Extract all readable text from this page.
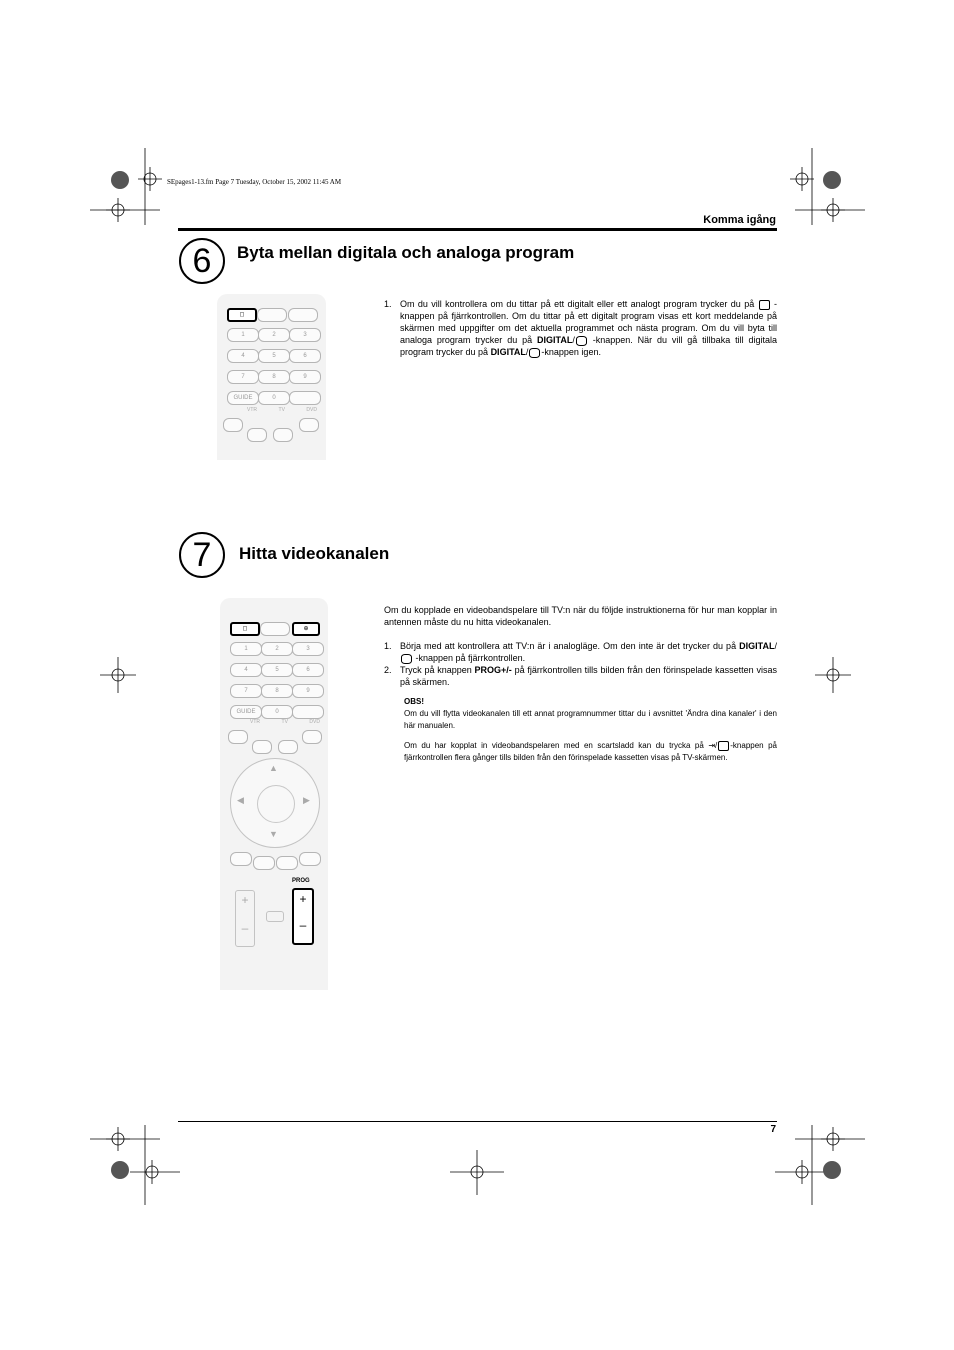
SEpages1-13.fm Page 7 Tuesday, October 15, 2002 11:45 AM
Komma igång
6	Byta mellan digitala och analoga program
◻
1	2	3
4	5	6
7	8	9
GUIDE	0
VTR	TV	DVD

1. Om du vill kontrollera om du tittar på ett digitalt eller ett analogt program trycker du på -knappen på fjärrkontrollen. Om du tittar på ett digitalt program visas ett kort meddelande på skärmen med uppgifter om det aktuella programmet och nästa program. Om du vill byta till analoga program trycker du på DIGITAL/ -knappen. När du vill gå tillbaka till digitala program trycker du på DIGITAL/ -knappen igen.

7	Hitta videokanalen
◻	⊕
1	2	3
4	5	6
7	8	9
GUIDE	0
VTR	TV	DVD
▲
▼
◀	▶
+
–
PROG
+
–

Om du kopplade en videobandspelare till TV:n när du följde instruktionerna för hur man kopplar in antennen måste du nu hitta videokanalen.

1. Börja med att kontrollera att TV:n är i analogläge. Om den inte är det trycker du på DIGITAL/ -knappen på fjärrkontrollen.

2. Tryck på knappen PROG+/- på fjärrkontrollen tills bilden från den förinspelade kassetten visas på skärmen.

OBS!

Om du vill flytta videokanalen till ett annat programnummer tittar du i avsnittet 'Ändra dina kanaler' i den här manualen.

Om du har kopplat in videobandspelaren med en scartsladd kan du trycka på ⇥/ -knappen på fjärrkontrollen flera gånger tills bilden från den förinspelade kassetten visas på TV-skärmen.

7
